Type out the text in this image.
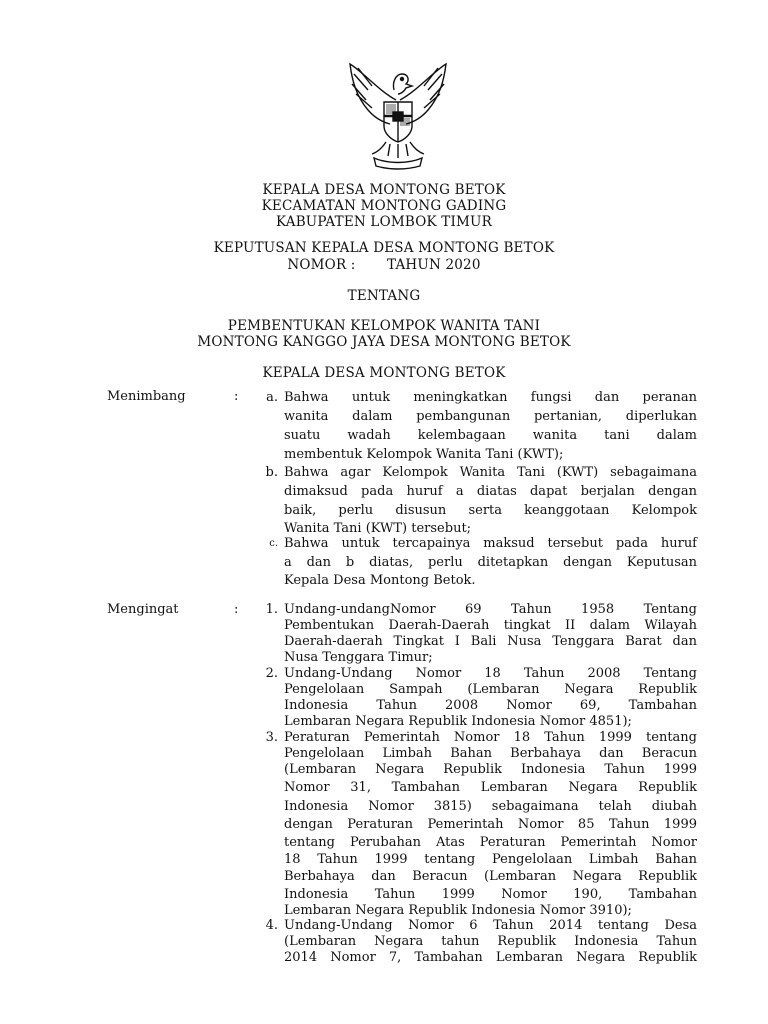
KEPALA DESA MONTONG BETOK
KECAMATAN MONTONG GADING
KABUPATEN LOMBOK TIMUR
KEPUTUSAN KEPALA DESA MONTONG BETOK
NOMOR :       TAHUN 2020
TENTANG
PEMBENTUKAN KELOMPOK WANITA TANI
MONTONG KANGGO JAYA DESA MONTONG BETOK
KEPALA DESA MONTONG BETOK
Menimbang	:	a. Bahwa untuk meningkatkan fungsi dan peranan
wanita dalam pembangunan pertanian, diperlukan
suatu wadah kelembagaan wanita tani dalam
membentuk Kelompok Wanita Tani (KWT);
b. Bahwa agar Kelompok Wanita Tani (KWT) sebagaimana
dimaksud pada huruf a diatas dapat berjalan dengan
baik, perlu disusun serta keanggotaan Kelompok
Wanita Tani (KWT) tersebut;
c. Bahwa untuk tercapainya maksud tersebut pada huruf
a dan b diatas, perlu ditetapkan dengan Keputusan
Kepala Desa Montong Betok.
Mengingat	:	1. Undang-undangNomor 69 Tahun 1958 Tentang
Pembentukan Daerah-Daerah tingkat II dalam Wilayah
Daerah-daerah Tingkat I Bali Nusa Tenggara Barat dan
Nusa Tenggara Timur;
2. Undang-Undang Nomor 18 Tahun 2008 Tentang
Pengelolaan Sampah (Lembaran Negara Republik
Indonesia Tahun 2008 Nomor 69, Tambahan
Lembaran Negara Republik Indonesia Nomor 4851);
3. Peraturan Pemerintah Nomor 18 Tahun 1999 tentang
Pengelolaan Limbah Bahan Berbahaya dan Beracun
(Lembaran Negara Republik Indonesia Tahun 1999
Nomor 31, Tambahan Lembaran Negara Republik
Indonesia Nomor 3815) sebagaimana telah diubah
dengan Peraturan Pemerintah Nomor 85 Tahun 1999
tentang Perubahan Atas Peraturan Pemerintah Nomor
18 Tahun 1999 tentang Pengelolaan Limbah Bahan
Berbahaya dan Beracun (Lembaran Negara Republik
Indonesia Tahun 1999 Nomor 190, Tambahan
Lembaran Negara Republik Indonesia Nomor 3910);
4. Undang-Undang Nomor 6 Tahun 2014 tentang Desa
(Lembaran Negara tahun Republik Indonesia Tahun
2014 Nomor 7, Tambahan Lembaran Negara Republik
